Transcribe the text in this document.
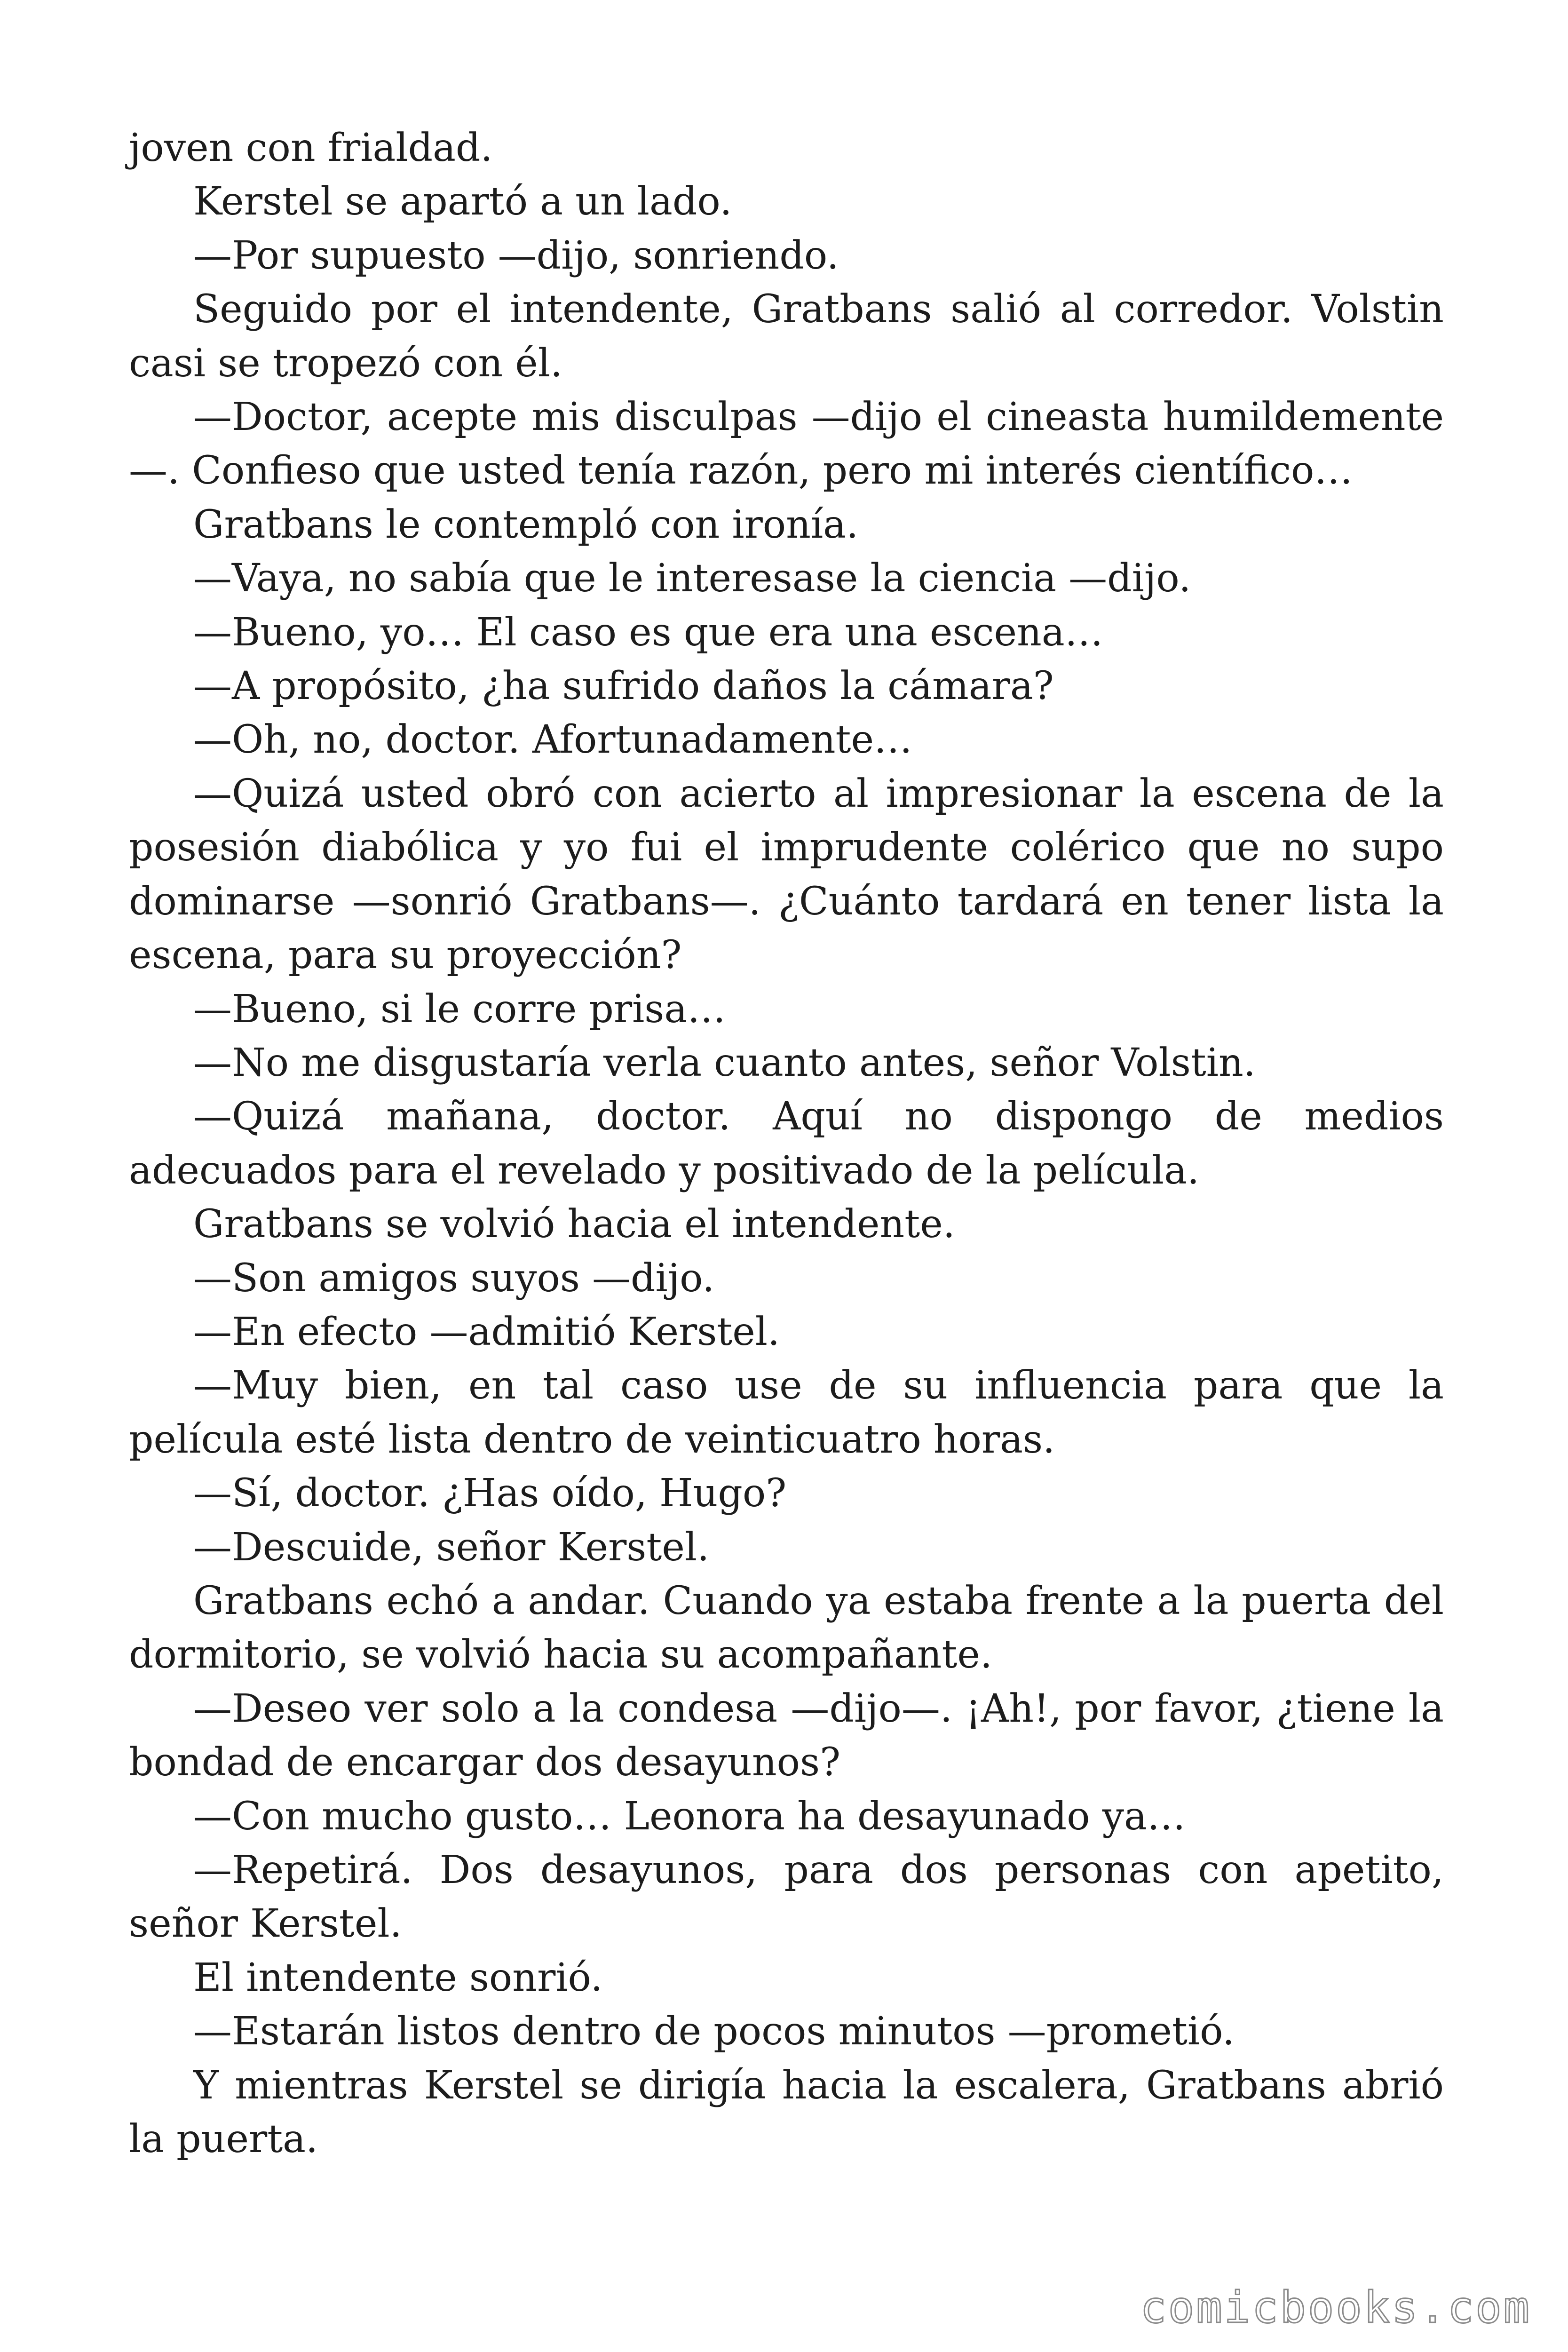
joven con frialdad.

Kerstel se apartó a un lado.

—Por supuesto —dijo, sonriendo.

Seguido por el intendente, Gratbans salió al corredor. Volstin casi se tropezó con él.

—Doctor, acepte mis disculpas —dijo el cineasta humildemente —. Confieso que usted tenía razón, pero mi interés científico…

Gratbans le contempló con ironía.

—Vaya, no sabía que le interesase la ciencia —dijo.

—Bueno, yo… El caso es que era una escena…

—A propósito, ¿ha sufrido daños la cámara?

—Oh, no, doctor. Afortunadamente…

—Quizá usted obró con acierto al impresionar la escena de la posesión diabólica y yo fui el imprudente colérico que no supo dominarse —sonrió Gratbans—. ¿Cuánto tardará en tener lista la escena, para su proyección?

—Bueno, si le corre prisa…

—No me disgustaría verla cuanto antes, señor Volstin.

—Quizá mañana, doctor. Aquí no dispongo de medios adecuados para el revelado y positivado de la película.

Gratbans se volvió hacia el intendente.

—Son amigos suyos —dijo.

—En efecto —admitió Kerstel.

—Muy bien, en tal caso use de su influencia para que la película esté lista dentro de veinticuatro horas.

—Sí, doctor. ¿Has oído, Hugo?

—Descuide, señor Kerstel.

Gratbans echó a andar. Cuando ya estaba frente a la puerta del dormitorio, se volvió hacia su acompañante.

—Deseo ver solo a la condesa —dijo—. ¡Ah!, por favor, ¿tiene la bondad de encargar dos desayunos?

—Con mucho gusto… Leonora ha desayunado ya…

—Repetirá. Dos desayunos, para dos personas con apetito, señor Kerstel.

El intendente sonrió.

—Estarán listos dentro de pocos minutos —prometió.

Y mientras Kerstel se dirigía hacia la escalera, Gratbans abrió la puerta.

comicbooks.com
